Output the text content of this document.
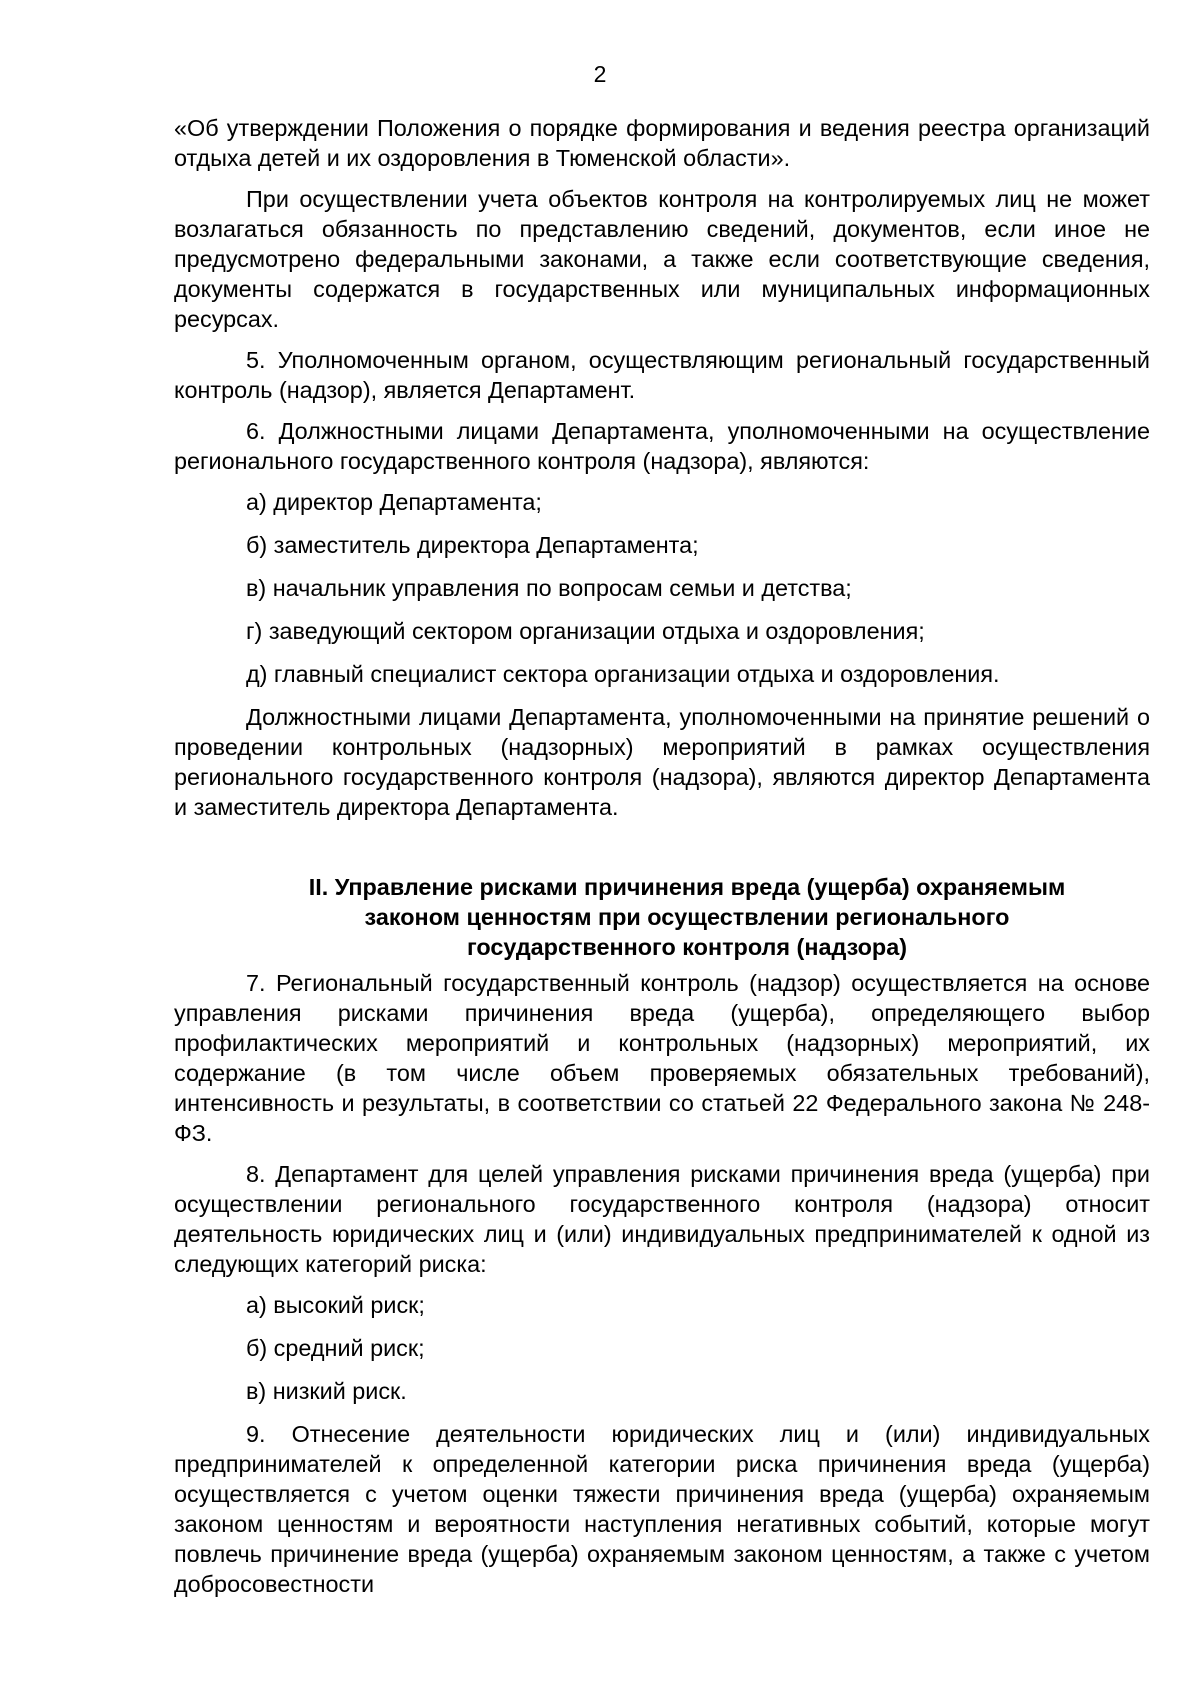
2

«Об утверждении Положения о порядке формирования и ведения реестра организаций отдыха детей и их оздоровления в Тюменской области».

При осуществлении учета объектов контроля на контролируемых лиц не может возлагаться обязанность по представлению сведений, документов, если иное не предусмотрено федеральными законами, а также если соответствующие сведения, документы содержатся в государственных или муниципальных информационных ресурсах.

5. Уполномоченным органом, осуществляющим региональный государственный контроль (надзор), является Департамент.

6. Должностными лицами Департамента, уполномоченными на осуществление регионального государственного контроля (надзора), являются:

а) директор Департамента;
б) заместитель директора Департамента;
в) начальник управления по вопросам семьи и детства;
г) заведующий сектором организации отдыха и оздоровления;
д) главный специалист сектора организации отдыха и оздоровления.

Должностными лицами Департамента, уполномоченными на принятие решений о проведении контрольных (надзорных) мероприятий в рамках осуществления регионального государственного контроля (надзора), являются директор Департамента и заместитель директора Департамента.

II. Управление рисками причинения вреда (ущерба) охраняемым
законом ценностям при осуществлении регионального
государственного контроля (надзора)

7. Региональный государственный контроль (надзор) осуществляется на основе управления рисками причинения вреда (ущерба), определяющего выбор профилактических мероприятий и контрольных (надзорных) мероприятий, их содержание (в том числе объем проверяемых обязательных требований), интенсивность и результаты, в соответствии со статьей 22 Федерального закона № 248-ФЗ.

8. Департамент для целей управления рисками причинения вреда (ущерба) при осуществлении регионального государственного контроля (надзора) относит деятельность юридических лиц и (или) индивидуальных предпринимателей к одной из следующих категорий риска:

а) высокий риск;
б) средний риск;
в) низкий риск.

9. Отнесение деятельности юридических лиц и (или) индивидуальных предпринимателей к определенной категории риска причинения вреда (ущерба) осуществляется с учетом оценки тяжести причинения вреда (ущерба) охраняемым законом ценностям и вероятности наступления негативных событий, которые могут повлечь причинение вреда (ущерба) охраняемым законом ценностям, а также с учетом добросовестности
